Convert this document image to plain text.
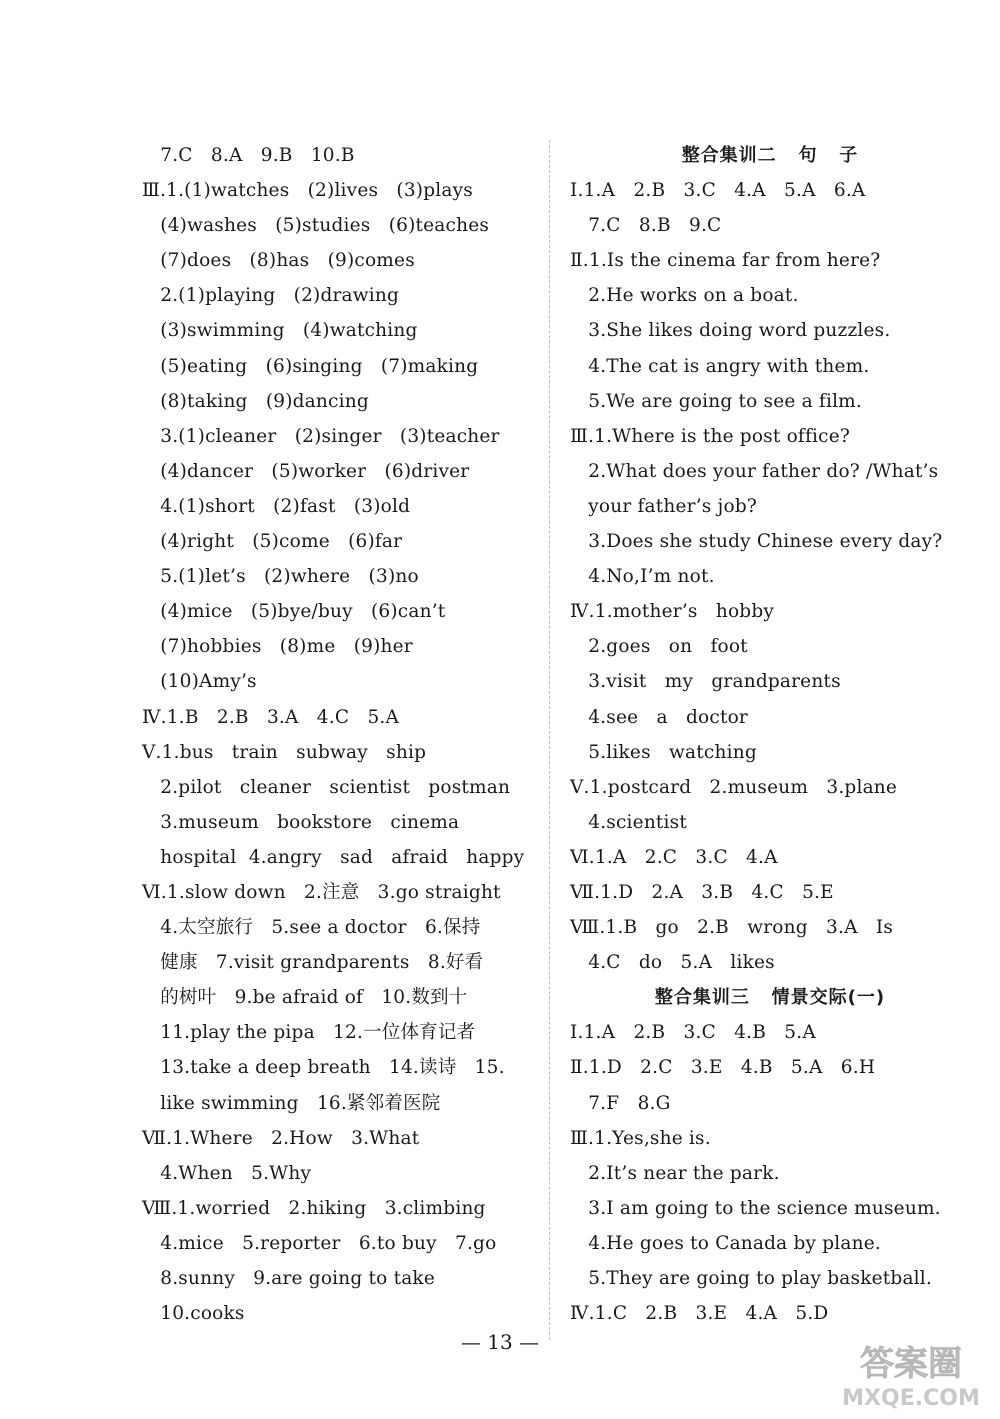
7.C   8.A   9.B   10.B
Ⅲ.1.(1)watches   (2)lives   (3)plays
(4)washes   (5)studies   (6)teaches
(7)does   (8)has   (9)comes
2.(1)playing   (2)drawing
(3)swimming   (4)watching
(5)eating   (6)singing   (7)making
(8)taking   (9)dancing
3.(1)cleaner   (2)singer   (3)teacher
(4)dancer   (5)worker   (6)driver
4.(1)short   (2)fast   (3)old
(4)right   (5)come   (6)far
5.(1)let’s   (2)where   (3)no
(4)mice   (5)bye/buy   (6)can’t
(7)hobbies   (8)me   (9)her
(10)Amy’s
Ⅳ.1.B   2.B   3.A   4.C   5.A
Ⅴ.1.bus   train   subway   ship
2.pilot   cleaner   scientist   postman
3.museum   bookstore   cinema
hospital  4.angry   sad   afraid   happy
Ⅵ.1.slow down   2.注意   3.go straight
4.太空旅行   5.see a doctor   6.保持
健康   7.visit grandparents   8.好看
的树叶   9.be afraid of   10.数到十
11.play the pipa   12.一位体育记者
13.take a deep breath   14.读诗   15.
like swimming   16.紧邻着医院
Ⅶ.1.Where   2.How   3.What
4.When   5.Why
Ⅷ.1.worried   2.hiking   3.climbing
4.mice   5.reporter   6.to buy   7.go
8.sunny   9.are going to take
10.cooks
整合集训二   句   子
Ⅰ.1.A   2.B   3.C   4.A   5.A   6.A
7.C   8.B   9.C
Ⅱ.1.Is the cinema far from here?
2.He works on a boat.
3.She likes doing word puzzles.
4.The cat is angry with them.
5.We are going to see a film.
Ⅲ.1.Where is the post office?
2.What does your father do? /What’s
your father’s job?
3.Does she study Chinese every day?
4.No,I’m not.
Ⅳ.1.mother’s   hobby
2.goes   on   foot
3.visit   my   grandparents
4.see   a   doctor
5.likes   watching
Ⅴ.1.postcard   2.museum   3.plane
4.scientist
Ⅵ.1.A   2.C   3.C   4.A
Ⅶ.1.D   2.A   3.B   4.C   5.E
Ⅷ.1.B   go   2.B   wrong   3.A   Is
4.C   do   5.A   likes
整合集训三   情景交际(一)
Ⅰ.1.A   2.B   3.C   4.B   5.A
Ⅱ.1.D   2.C   3.E   4.B   5.A   6.H
7.F   8.G
Ⅲ.1.Yes,she is.
2.It’s near the park.
3.I am going to the science museum.
4.He goes to Canada by plane.
5.They are going to play basketball.
Ⅳ.1.C   2.B   3.E   4.A   5.D
— 13 —
答案圈
MXQE.COM
